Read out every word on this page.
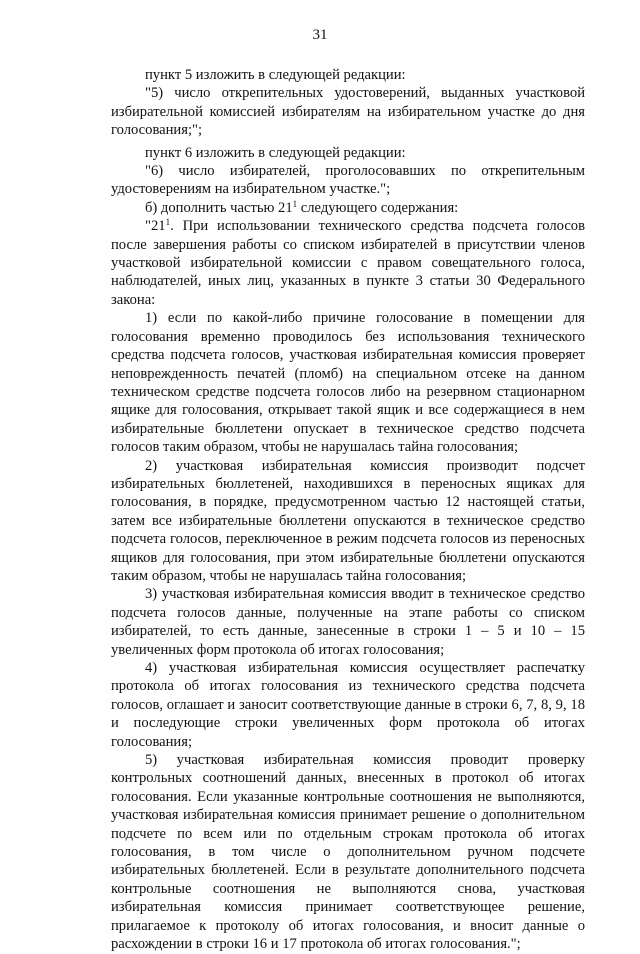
31

пункт 5 изложить в следующей редакции:

"5) число открепительных удостоверений, выданных участковой избирательной комиссией избирателям на избирательном участке до дня голосования;";

пункт 6 изложить в следующей редакции:

"6) число избирателей, проголосовавших по открепительным удостоверениям на избирательном участке.";

б) дополнить частью $21^1$ следующего содержания:

"$21^1$. При использовании технического средства подсчета голосов после завершения работы со списком избирателей в присутствии членов участковой избирательной комиссии с правом совещательного голоса, наблюдателей, иных лиц, указанных в пункте 3 статьи 30 Федерального закона:

1) если по какой-либо причине голосование в помещении для голосования временно проводилось без использования технического средства подсчета голосов, участковая избирательная комиссия проверяет неповрежденность печатей (пломб) на специальном отсеке на данном техническом средстве подсчета голосов либо на резервном стационарном ящике для голосования, открывает такой ящик и все содержащиеся в нем избирательные бюллетени опускает в техническое средство подсчета голосов таким образом, чтобы не нарушалась тайна голосования;

2) участковая избирательная комиссия производит подсчет избирательных бюллетеней, находившихся в переносных ящиках для голосования, в порядке, предусмотренном частью 12 настоящей статьи, затем все избирательные бюллетени опускаются в техническое средство подсчета голосов, переключенное в режим подсчета голосов из переносных ящиков для голосования, при этом избирательные бюллетени опускаются таким образом, чтобы не нарушалась тайна голосования;

3) участковая избирательная комиссия вводит в техническое средство подсчета голосов данные, полученные на этапе работы со списком избирателей, то есть данные, занесенные в строки 1 – 5 и 10 – 15 увеличенных форм протокола об итогах голосования;

4) участковая избирательная комиссия осуществляет распечатку протокола об итогах голосования из технического средства подсчета голосов, оглашает и заносит соответствующие данные в строки 6, 7, 8, 9, 18 и последующие строки увеличенных форм протокола об итогах голосования;

5) участковая избирательная комиссия проводит проверку контрольных соотношений данных, внесенных в протокол об итогах голосования. Если указанные контрольные соотношения не выполняются, участковая избирательная комиссия принимает решение о дополнительном подсчете по всем или по отдельным строкам протокола об итогах голосования, в том числе о дополнительном ручном подсчете избирательных бюллетеней. Если в результате дополнительного подсчета контрольные соотношения не выполняются снова, участковая избирательная комиссия принимает соответствующее решение, прилагаемое к протоколу об итогах голосования, и вносит данные о расхождении в строки 16 и 17 протокола об итогах голосования.";
